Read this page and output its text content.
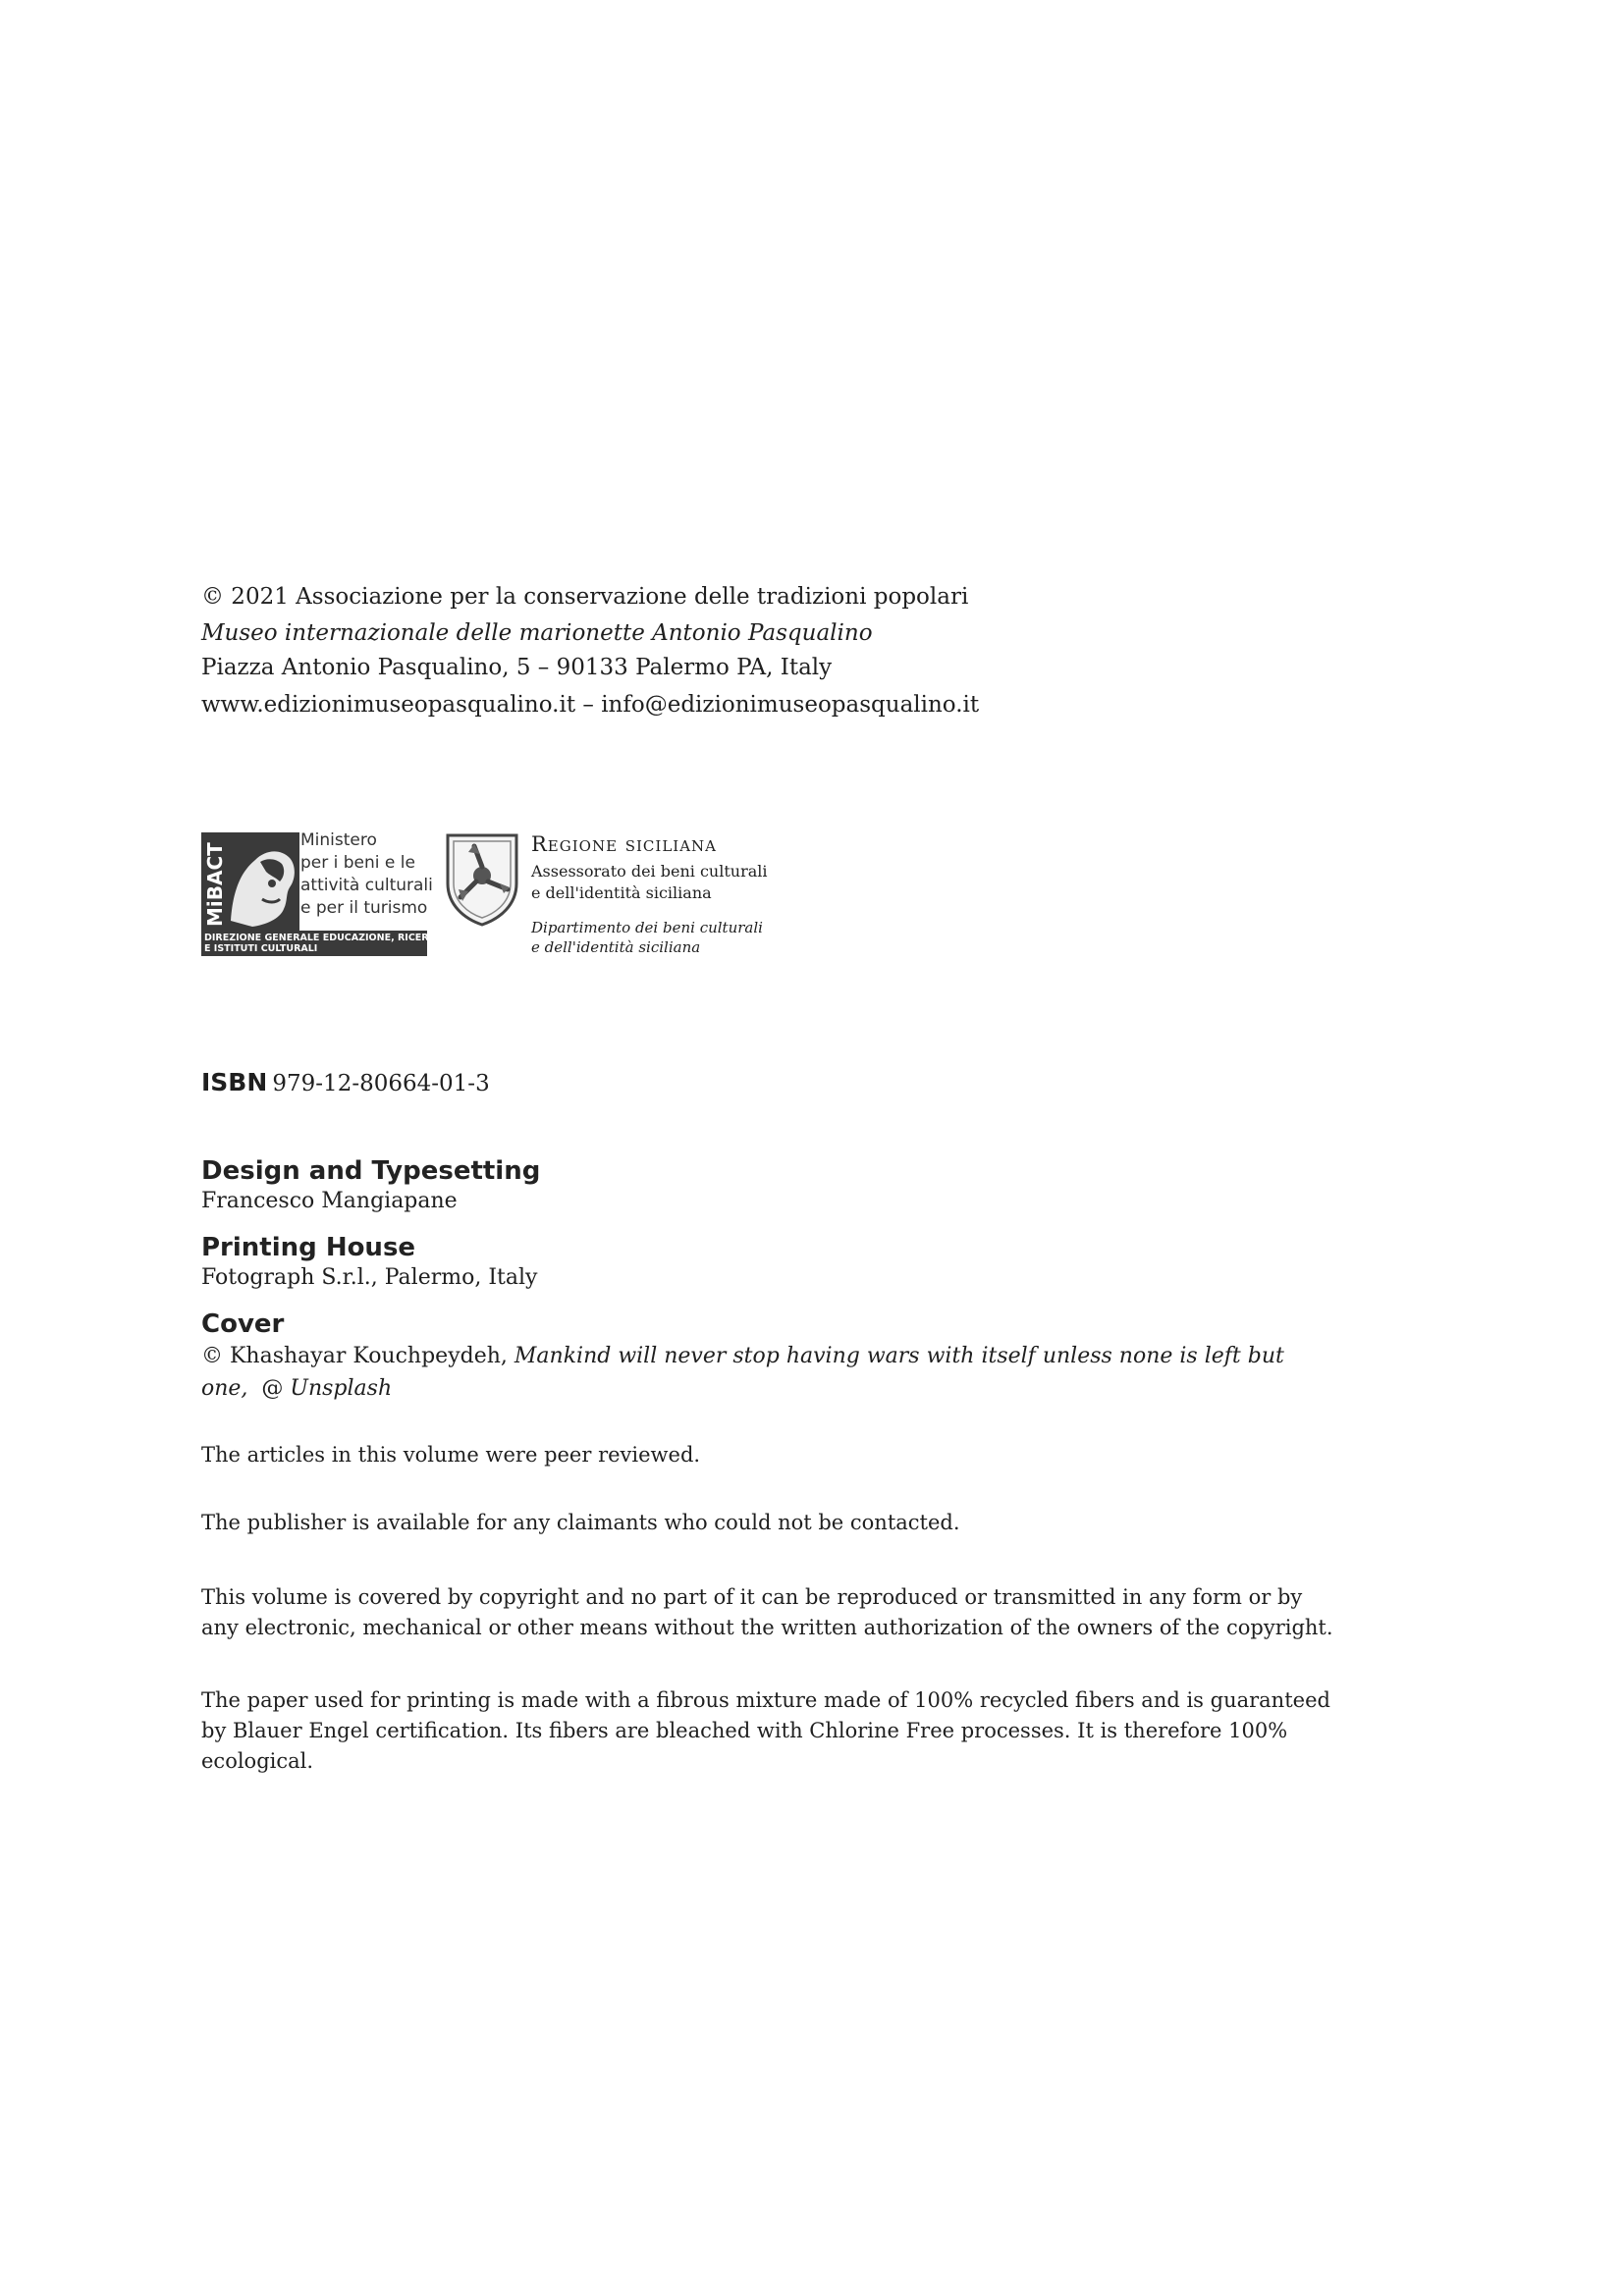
© 2021 Associazione per la conservazione delle tradizioni popolari
Museo internazionale delle marionette Antonio Pasqualino
Piazza Antonio Pasqualino, 5 – 90133 Palermo PA, Italy
www.edizionimuseopasqualino.it – info@edizionimuseopasqualino.it
MiBACT
Ministero
per i beni e le
attività culturali
e per il turismo
DIREZIONE GENERALE EDUCAZIONE, RICERCA
E ISTITUTI CULTURALI
Regione siciliana
Assessorato dei beni culturali
e dell'identità siciliana
Dipartimento dei beni culturali
e dell'identità siciliana
ISBN 979-12-80664-01-3
Design and Typesetting
Francesco Mangiapane
Printing House
Fotograph S.r.l., Palermo, Italy
Cover
© Khashayar Kouchpeydeh, Mankind will never stop having wars with itself unless none is left but
one,  @ Unsplash
The articles in this volume were peer reviewed.
The publisher is available for any claimants who could not be contacted.
This volume is covered by copyright and no part of it can be reproduced or transmitted in any form or by any electronic, mechanical or other means without the written authorization of the owners of the copyright.
The paper used for printing is made with a fibrous mixture made of 100% recycled fibers and is guaranteed by Blauer Engel certification. Its fibers are bleached with Chlorine Free processes. It is therefore 100% ecological.
